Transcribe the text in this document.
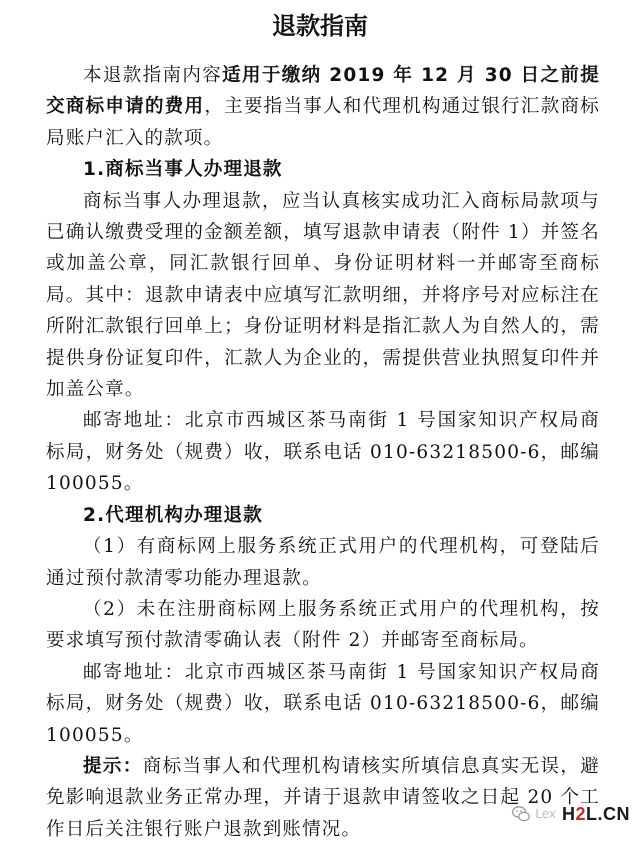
退款指南

本退款指南内容适用于缴纳 2019 年 12 月 30 日之前提交商标申请的费用，主要指当事人和代理机构通过银行汇款商标局账户汇入的款项。

1.商标当事人办理退款

商标当事人办理退款，应当认真核实成功汇入商标局款项与已确认缴费受理的金额差额，填写退款申请表（附件 1）并签名或加盖公章，同汇款银行回单、身份证明材料一并邮寄至商标局。其中：退款申请表中应填写汇款明细，并将序号对应标注在所附汇款银行回单上；身份证明材料是指汇款人为自然人的，需提供身份证复印件，汇款人为企业的，需提供营业执照复印件并加盖公章。

邮寄地址：北京市西城区茶马南街 1 号国家知识产权局商标局，财务处（规费）收，联系电话 010-63218500-6，邮编 100055。

2.代理机构办理退款

（1）有商标网上服务系统正式用户的代理机构，可登陆后通过预付款清零功能办理退款。

（2）未在注册商标网上服务系统正式用户的代理机构，按要求填写预付款清零确认表（附件 2）并邮寄至商标局。

邮寄地址：北京市西城区茶马南街 1 号国家知识产权局商标局，财务处（规费）收，联系电话 010-63218500-6，邮编 100055。

提示：商标当事人和代理机构请核实所填信息真实无误，避免影响退款业务正常办理，并请于退款申请签收之日起 20 个工作日后关注银行账户退款到账情况。

Lex H2L.CN
